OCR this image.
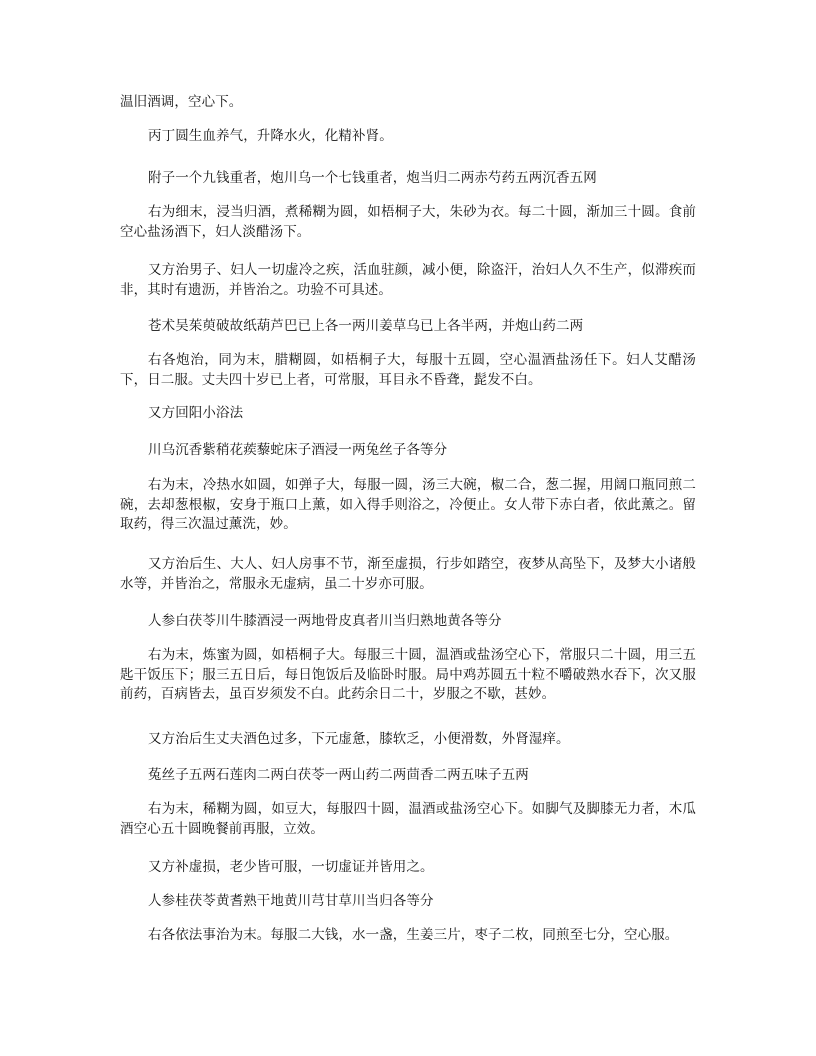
温旧酒调，空心下。

丙丁圆生血养气，升降水火，化精补肾。

附子一个九钱重者，炮川乌一个七钱重者，炮当归二两赤芍药五两沉香五网

右为细末，浸当归酒，煮稀糊为圆，如梧桐子大，朱砂为衣。每二十圆，渐加三十圆。食前空心盐汤酒下，妇人淡醋汤下。

又方治男子、妇人一切虚冷之疾，活血驻颜，减小便，除盗汗，治妇人久不生产，似滞疾而非，其时有遗沥，并皆治之。功验不可具述。

苍术吴茱萸破故纸葫芦巴已上各一两川姜草乌已上各半两，并炮山药二两

右各炮治，同为末，腊糊圆，如梧桐子大，每服十五圆，空心温酒盐汤任下。妇人艾醋汤下，日二服。丈夫四十岁已上者，可常服，耳目永不昏聋，髭发不白。

又方回阳小浴法

川乌沉香紫稍花蒺藜蛇床子酒浸一两兔丝子各等分

右为末，冷热水如圆，如弹子大，每服一圆，汤三大碗，椒二合，葱二握，用阔口瓶同煎二碗，去却葱根椒，安身于瓶口上薰，如入得手则浴之，冷便止。女人带下赤白者，依此薰之。留取药，得三次温过薰洗，妙。

又方治后生、大人、妇人房事不节，渐至虚损，行步如踏空，夜梦从高坠下，及梦大小诸般水等，并皆治之，常服永无虚病，虽二十岁亦可服。

人参白茯苓川牛膝酒浸一两地骨皮真者川当归熟地黄各等分

右为末，炼蜜为圆，如梧桐子大。每服三十圆，温酒或盐汤空心下，常服只二十圆，用三五匙干饭压下；服三五日后，每日饱饭后及临卧时服。局中鸡苏圆五十粒不嚼破熟水吞下，次又服前药，百病皆去，虽百岁须发不白。此药余日二十，岁服之不歇，甚妙。

又方治后生丈夫酒色过多，下元虚惫，膝软乏，小便滑数，外肾湿痒。

菟丝子五两石莲肉二两白茯苓一两山药二两茴香二两五味子五两

右为末，稀糊为圆，如豆大，每服四十圆，温酒或盐汤空心下。如脚气及脚膝无力者，木瓜酒空心五十圆晚餐前再服，立效。

又方补虚损，老少皆可服，一切虚证并皆用之。

人参桂茯苓黄耆熟干地黄川芎甘草川当归各等分

右各依法事治为末。每服二大钱，水一盏，生姜三片，枣子二枚，同煎至七分，空心服。
